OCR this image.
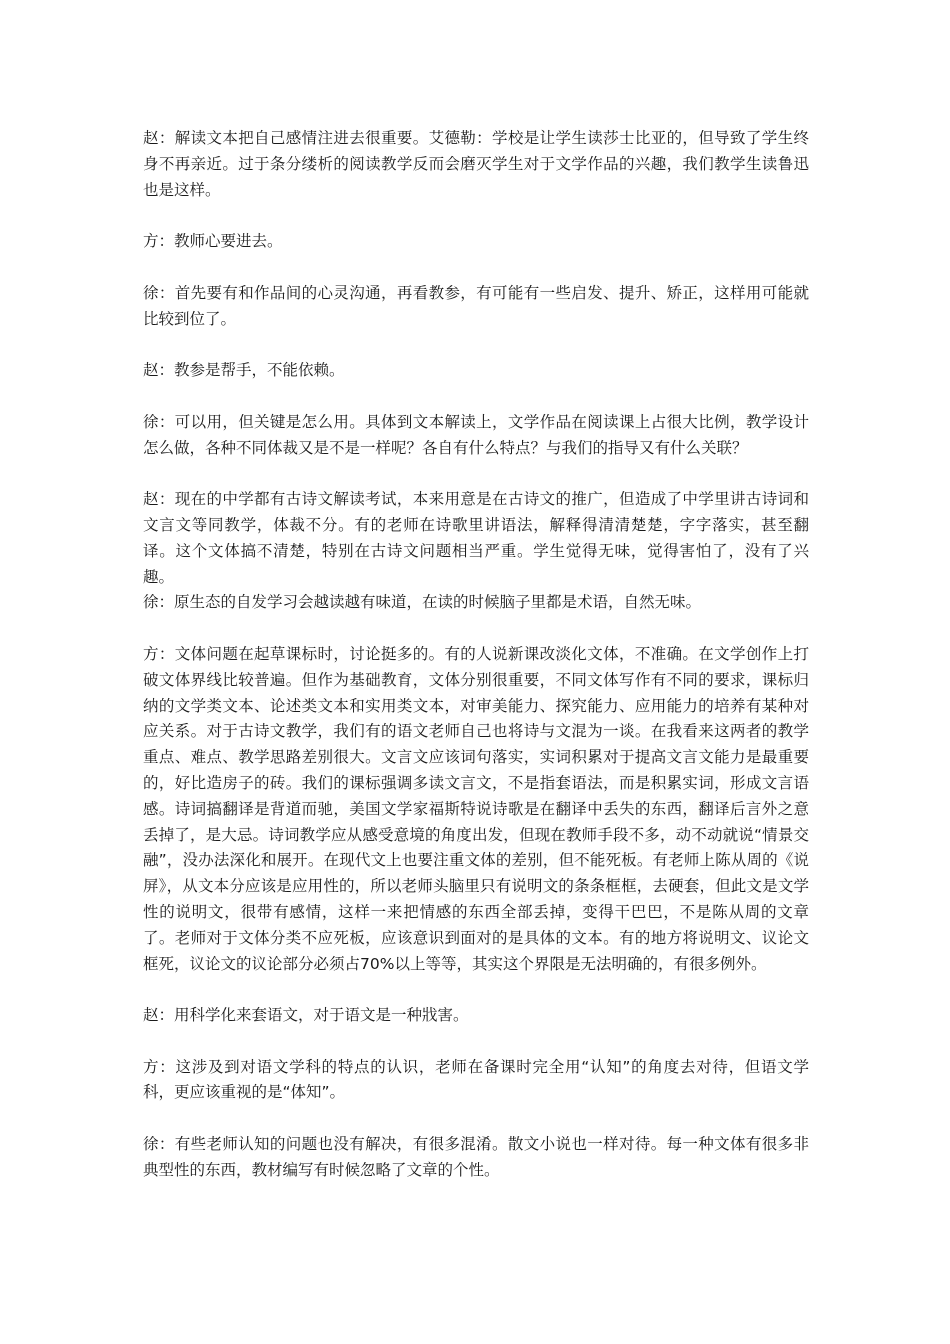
赵：解读文本把自己感情注进去很重要。艾德勒：学校是让学生读莎士比亚的，但导致了学生终身不再亲近。过于条分缕析的阅读教学反而会磨灭学生对于文学作品的兴趣，我们教学生读鲁迅也是这样。

方：教师心要进去。

徐：首先要有和作品间的心灵沟通，再看教参，有可能有一些启发、提升、矫正，这样用可能就比较到位了。

赵：教参是帮手，不能依赖。

徐：可以用，但关键是怎么用。具体到文本解读上，文学作品在阅读课上占很大比例，教学设计怎么做，各种不同体裁又是不是一样呢？各自有什么特点？与我们的指导又有什么关联？

赵：现在的中学都有古诗文解读考试，本来用意是在古诗文的推广，但造成了中学里讲古诗词和文言文等同教学，体裁不分。有的老师在诗歌里讲语法，解释得清清楚楚，字字落实，甚至翻译。这个文体搞不清楚，特别在古诗文问题相当严重。学生觉得无味，觉得害怕了，没有了兴趣。

徐：原生态的自发学习会越读越有味道，在读的时候脑子里都是术语，自然无味。

方：文体问题在起草课标时，讨论挺多的。有的人说新课改淡化文体，不准确。在文学创作上打破文体界线比较普遍。但作为基础教育，文体分别很重要，不同文体写作有不同的要求，课标归纳的文学类文本、论述类文本和实用类文本，对审美能力、探究能力、应用能力的培养有某种对应关系。对于古诗文教学，我们有的语文老师自己也将诗与文混为一谈。在我看来这两者的教学重点、难点、教学思路差别很大。文言文应该词句落实，实词积累对于提高文言文能力是最重要的，好比造房子的砖。我们的课标强调多读文言文，不是指套语法，而是积累实词，形成文言语感。诗词搞翻译是背道而驰，美国文学家福斯特说诗歌是在翻译中丢失的东西，翻译后言外之意丢掉了，是大忌。诗词教学应从感受意境的角度出发，但现在教师手段不多，动不动就说“情景交融”，没办法深化和展开。在现代文上也要注重文体的差别，但不能死板。有老师上陈从周的《说屏》，从文本分应该是应用性的，所以老师头脑里只有说明文的条条框框，去硬套，但此文是文学性的说明文，很带有感情，这样一来把情感的东西全部丢掉，变得干巴巴，不是陈从周的文章了。老师对于文体分类不应死板，应该意识到面对的是具体的文本。有的地方将说明文、议论文框死，议论文的议论部分必须占70%以上等等，其实这个界限是无法明确的，有很多例外。

赵：用科学化来套语文，对于语文是一种戕害。

方：这涉及到对语文学科的特点的认识，老师在备课时完全用“认知”的角度去对待，但语文学科，更应该重视的是“体知”。

徐：有些老师认知的问题也没有解决，有很多混淆。散文小说也一样对待。每一种文体有很多非典型性的东西，教材编写有时候忽略了文章的个性。
